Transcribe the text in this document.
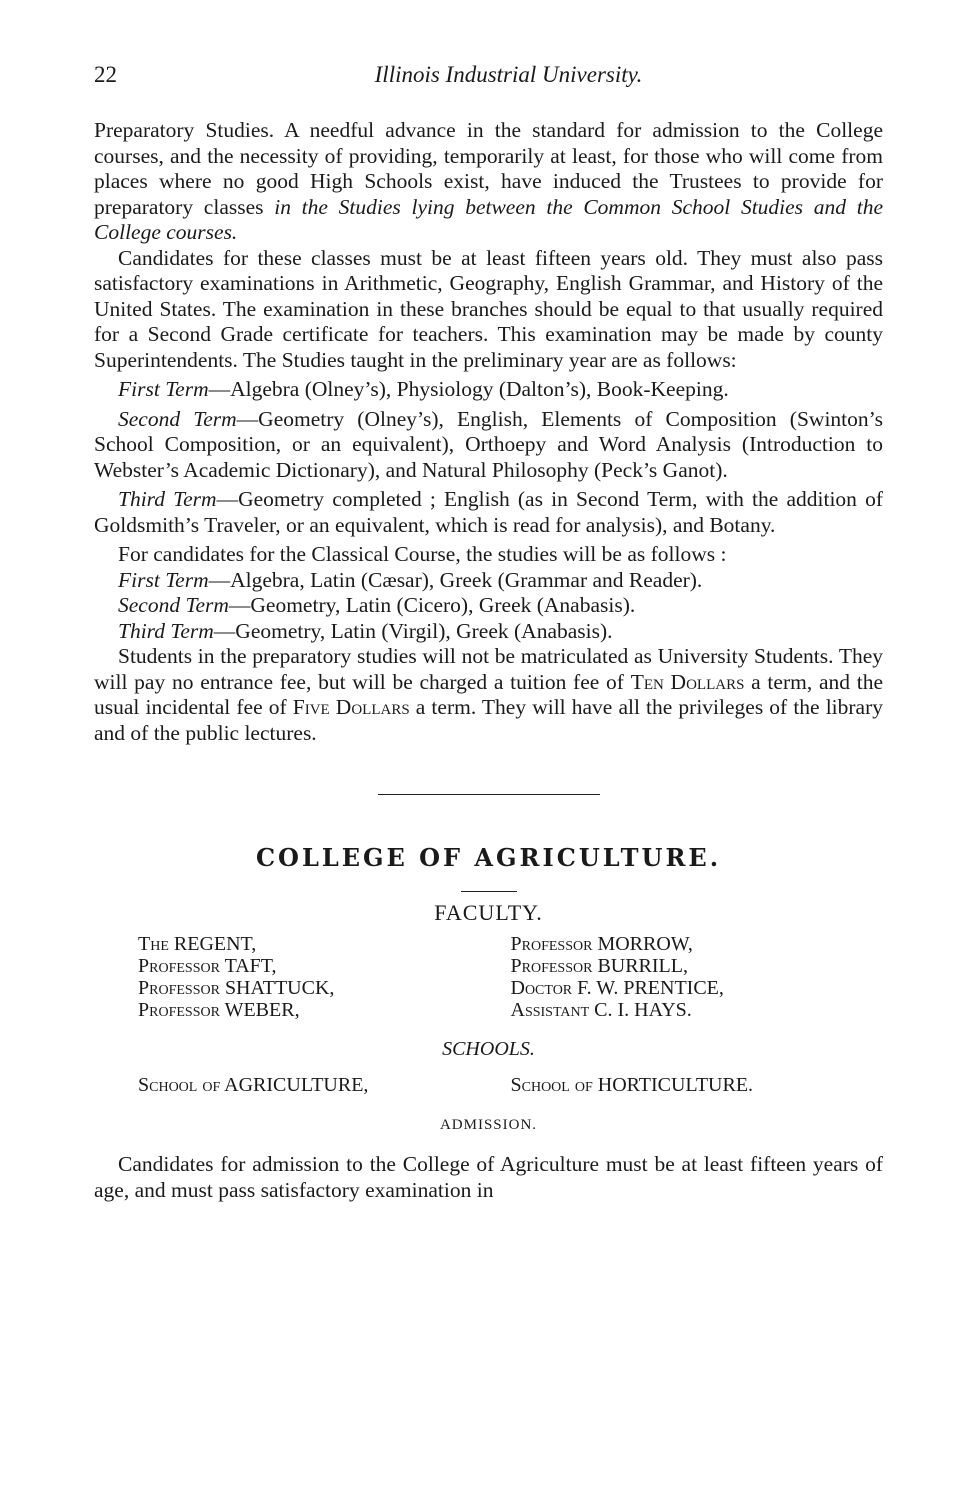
22	Illinois Industrial University.

Preparatory Studies. A needful advance in the standard for admission to the College courses, and the necessity of providing, temporarily at least, for those who will come from places where no good High Schools exist, have induced the Trustees to provide for preparatory classes in the Studies lying between the Common School Studies and the College courses.

Candidates for these classes must be at least fifteen years old. They must also pass satisfactory examinations in Arithmetic, Geography, English Grammar, and History of the United States. The examination in these branches should be equal to that usually required for a Second Grade certificate for teachers. This examination may be made by county Superintendents. The Studies taught in the preliminary year are as follows:

First Term—Algebra (Olney’s), Physiology (Dalton’s), Book-Keeping.

Second Term—Geometry (Olney’s), English, Elements of Composition (Swinton’s School Composition, or an equivalent), Orthoepy and Word Analysis (Introduction to Webster’s Academic Dictionary), and Natural Philosophy (Peck’s Ganot).

Third Term—Geometry completed ; English (as in Second Term, with the addition of Goldsmith’s Traveler, or an equivalent, which is read for analysis), and Botany.

For candidates for the Classical Course, the studies will be as follows :

First Term—Algebra, Latin (Cæsar), Greek (Grammar and Reader).

Second Term—Geometry, Latin (Cicero), Greek (Anabasis).

Third Term—Geometry, Latin (Virgil), Greek (Anabasis).

Students in the preparatory studies will not be matriculated as University Students. They will pay no entrance fee, but will be charged a tuition fee of Ten Dollars a term, and the usual incidental fee of Five Dollars a term. They will have all the privileges of the library and of the public lectures.

COLLEGE OF AGRICULTURE.
FACULTY.
The REGENT,
Professor TAFT,
Professor SHATTUCK,
Professor WEBER,
Professor MORROW,
Professor BURRILL,
Doctor F. W. PRENTICE,
Assistant C. I. HAYS.
SCHOOLS.
School of AGRICULTURE,	School of HORTICULTURE.
ADMISSION.

Candidates for admission to the College of Agriculture must be at least fifteen years of age, and must pass satisfactory examination in
